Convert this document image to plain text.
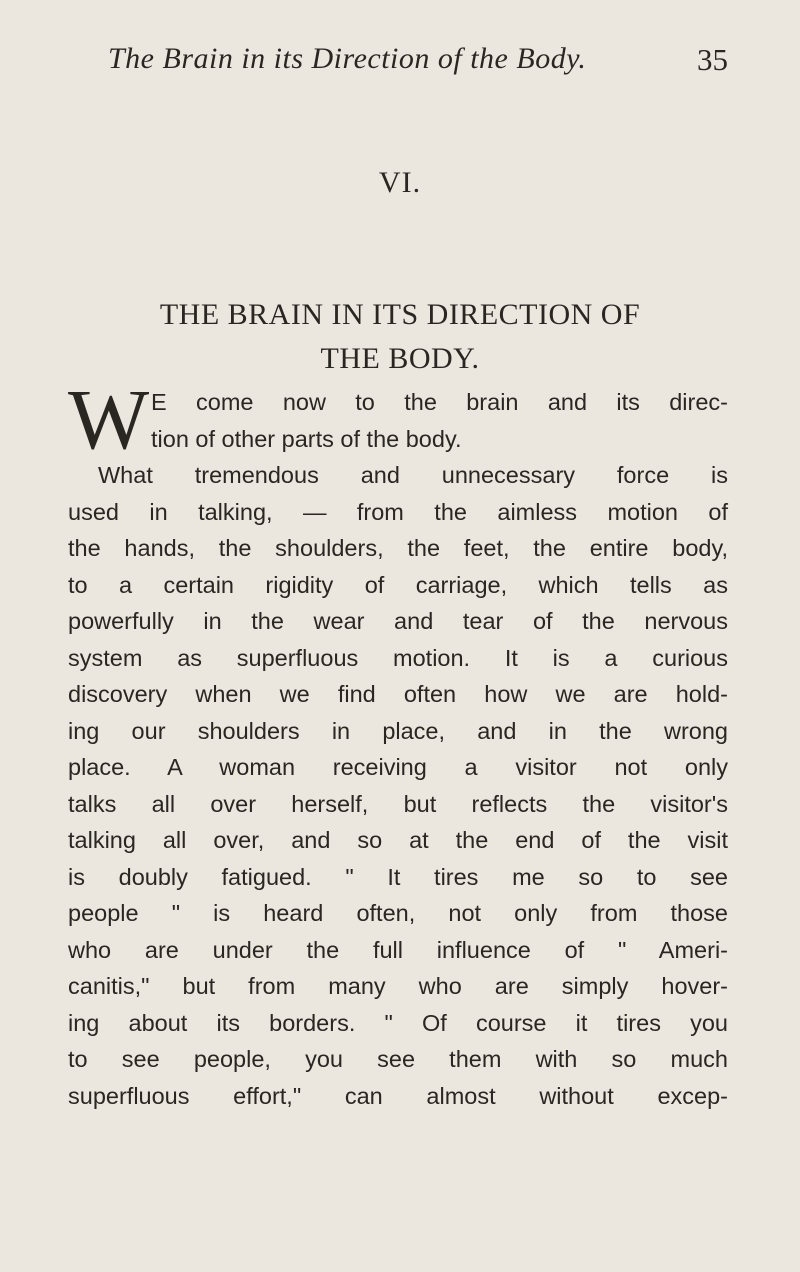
The Brain in its Direction of the Body.	35
VI.
THE BRAIN IN ITS DIRECTION OF
THE BODY.
W E come now to the brain and its direc-
tion of other parts of the body.
What tremendous and unnecessary force is
used in talking, — from the aimless motion of
the hands, the shoulders, the feet, the entire body,
to a certain rigidity of carriage, which tells as
powerfully in the wear and tear of the nervous
system as superfluous motion. It is a curious
discovery when we find often how we are hold-
ing our shoulders in place, and in the wrong
place. A woman receiving a visitor not only
talks all over herself, but reflects the visitor's
talking all over, and so at the end of the visit
is doubly fatigued. " It tires me so to see
people " is heard often, not only from those
who are under the full influence of " Ameri-
canitis," but from many who are simply hover-
ing about its borders. " Of course it tires you
to see people, you see them with so much
superfluous effort," can almost without excep-
